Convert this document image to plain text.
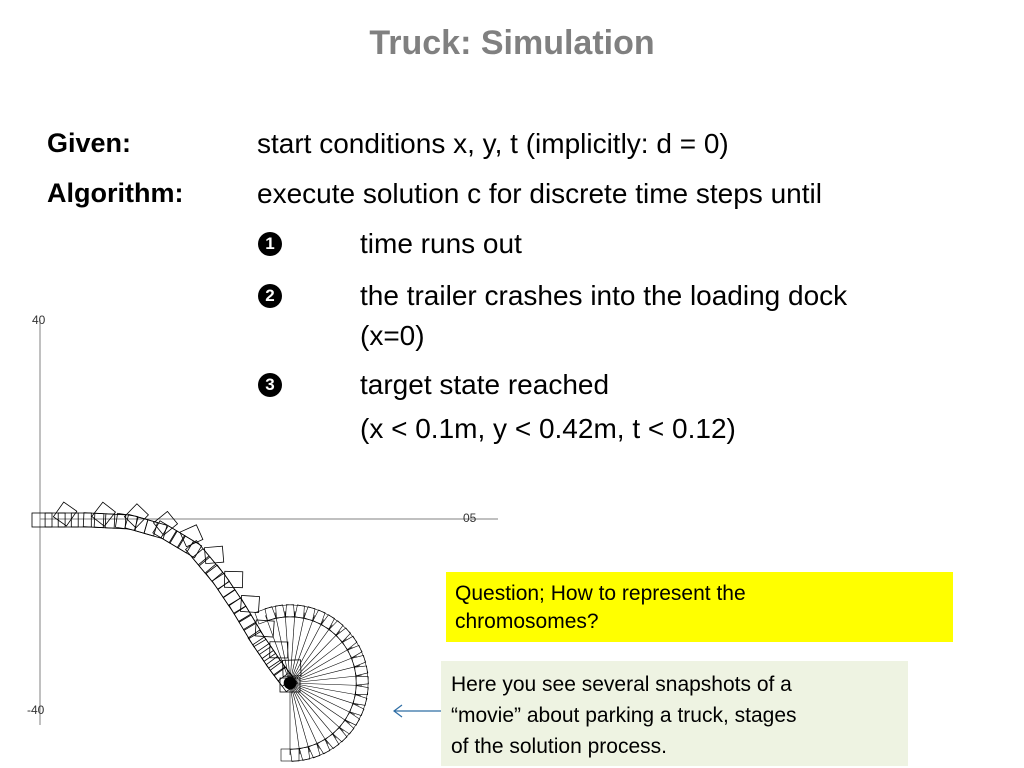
Truck: Simulation
Given:	start conditions x, y, t (implicitly: d = 0)
Algorithm:	execute solution c for discrete time steps until
1	time runs out
2	the trailer crashes into the loading dock
(x=0)
3	target state reached
(x < 0.1m, y < 0.42m, t < 0.12)
40
-40
05
Question; How to represent the
chromosomes?
Here you see several snapshots of a
“movie” about parking a truck, stages
of the solution process.
